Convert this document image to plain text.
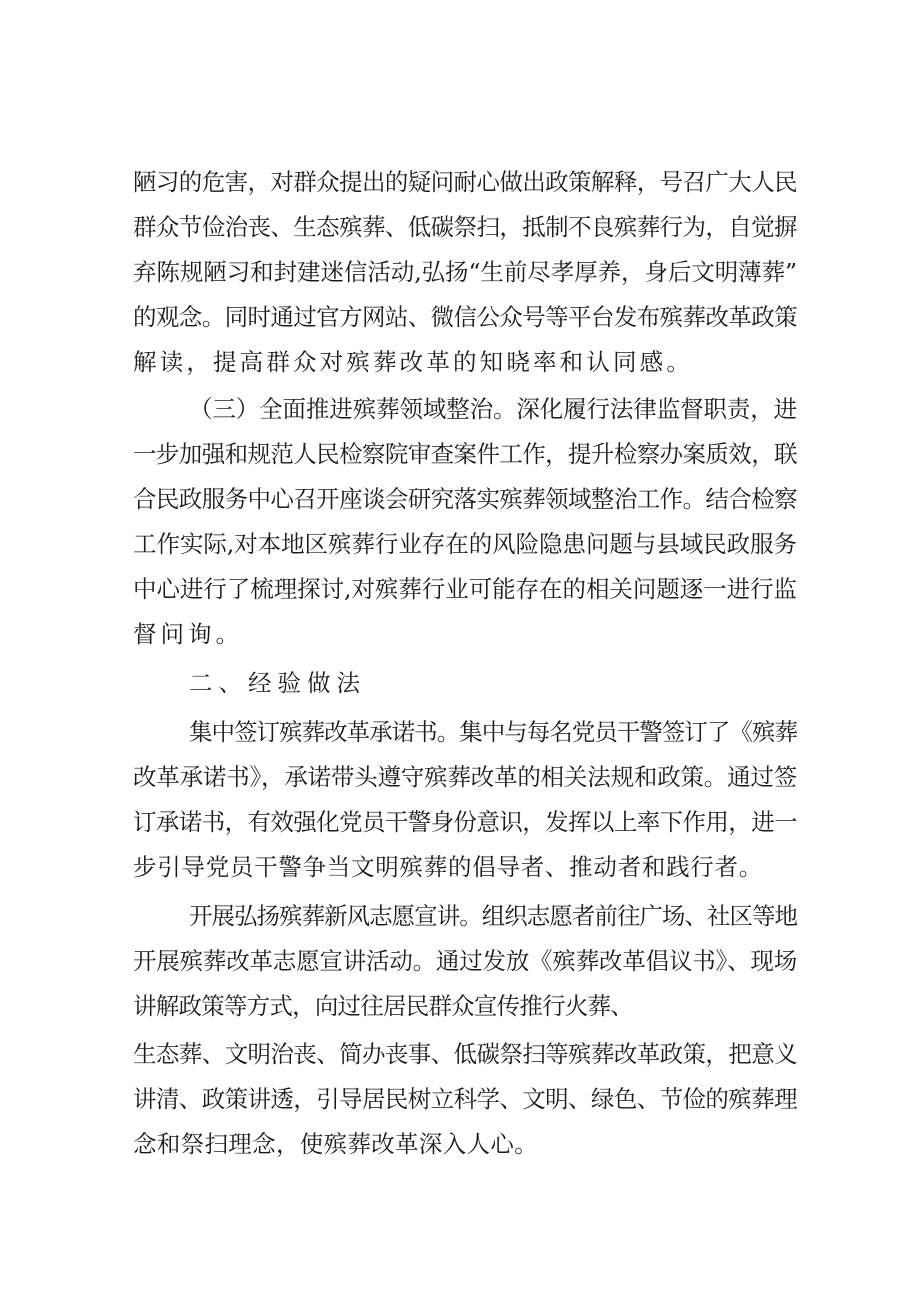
陋习的危害，对群众提出的疑问耐心做出政策解释，号召广大人民
群众节俭治丧、生态殡葬、低碳祭扫，抵制不良殡葬行为，自觉摒
弃陈规陋习和封建迷信活动,弘扬“生前尽孝厚养，身后文明薄葬”
的观念。同时通过官方网站、微信公众号等平台发布殡葬改革政策
解读，提高群众对殡葬改革的知晓率和认同感。
（三）全面推进殡葬领域整治。深化履行法律监督职责，进
一步加强和规范人民检察院审查案件工作，提升检察办案质效，联
合民政服务中心召开座谈会研究落实殡葬领域整治工作。结合检察
工作实际,对本地区殡葬行业存在的风险隐患问题与县域民政服务
中心进行了梳理探讨,对殡葬行业可能存在的相关问题逐一进行监
督问询。
二、经验做法
集中签订殡葬改革承诺书。集中与每名党员干警签订了《殡葬
改革承诺书》，承诺带头遵守殡葬改革的相关法规和政策。通过签
订承诺书，有效强化党员干警身份意识，发挥以上率下作用，进一
步引导党员干警争当文明殡葬的倡导者、推动者和践行者。
开展弘扬殡葬新风志愿宣讲。组织志愿者前往广场、社区等地
开展殡葬改革志愿宣讲活动。通过发放《殡葬改革倡议书》、现场
讲解政策等方式，向过往居民群众宣传推行火葬、
生态葬、文明治丧、简办丧事、低碳祭扫等殡葬改革政策，把意义
讲清、政策讲透，引导居民树立科学、文明、绿色、节俭的殡葬理
念和祭扫理念，使殡葬改革深入人心。
